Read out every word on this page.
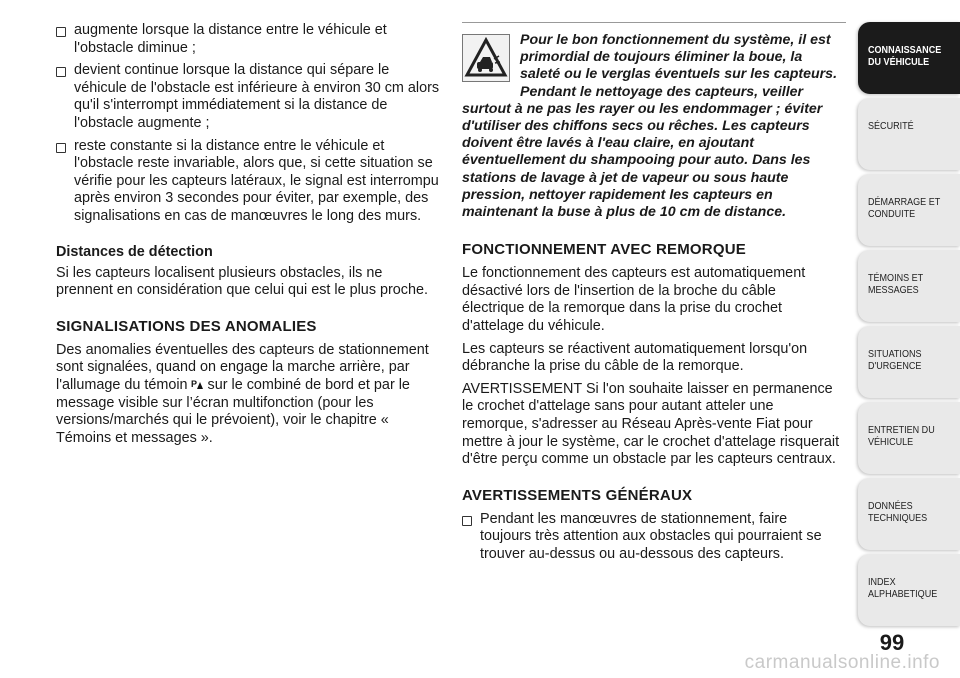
augmente lorsque la distance entre le véhicule et l'obstacle diminue ;

devient continue lorsque la distance qui sépare le véhicule de l'obstacle est inférieure à environ 30 cm alors qu'il s'interrompt immédiatement si la distance de l'obstacle augmente ;

reste constante si la distance entre le véhicule et l'obstacle reste invariable, alors que, si cette situation se vérifie pour les capteurs latéraux, le signal est interrompu après environ 3 secondes pour éviter, par exemple, des signalisations en cas de manœuvres le long des murs.

Distances de détection

Si les capteurs localisent plusieurs obstacles, ils ne prennent en considération que celui qui est le plus proche.

SIGNALISATIONS DES ANOMALIES

Des anomalies éventuelles des capteurs de stationnement sont signalées, quand on engage la marche arrière, par l'allumage du témoin P sur le combiné de bord et par le message visible sur l’écran multifonction (pour les versions/marchés qui le prévoient), voir le chapitre « Témoins et messages ».

Pour le bon fonctionnement du système, il est primordial de toujours éliminer la boue, la saleté ou le verglas éventuels sur les capteurs. Pendant le nettoyage des capteurs, veiller surtout à ne pas les rayer ou les endommager ; éviter d'utiliser des chiffons secs ou rêches. Les capteurs doivent être lavés à l'eau claire, en ajoutant éventuellement du shampooing pour auto. Dans les stations de lavage à jet de vapeur ou sous haute pression, nettoyer rapidement les capteurs en maintenant la buse à plus de 10 cm de distance.

FONCTIONNEMENT AVEC REMORQUE

Le fonctionnement des capteurs est automatiquement désactivé lors de l'insertion de la broche du câble électrique de la remorque dans la prise du crochet d'attelage du véhicule.

Les capteurs se réactivent automatiquement lorsqu'on débranche la prise du câble de la remorque.

AVERTISSEMENT Si l'on souhaite laisser en permanence le crochet d'attelage sans pour autant atteler une remorque, s'adresser au Réseau Après-vente Fiat pour mettre à jour le système, car le crochet d'attelage risquerait d'être perçu comme un obstacle par les capteurs centraux.

AVERTISSEMENTS GÉNÉRAUX

Pendant les manœuvres de stationnement, faire toujours très attention aux obstacles qui pourraient se trouver au-dessus ou au-dessous des capteurs.

CONNAISSANCE
DU VÉHICULE
SÉCURITÉ
DÉMARRAGE ET
CONDUITE
TÉMOINS ET
MESSAGES
SITUATIONS
D'URGENCE
ENTRETIEN DU
VÉHICULE
DONNÉES
TECHNIQUES
INDEX
ALPHABETIQUE
99
carmanualsonline.info
